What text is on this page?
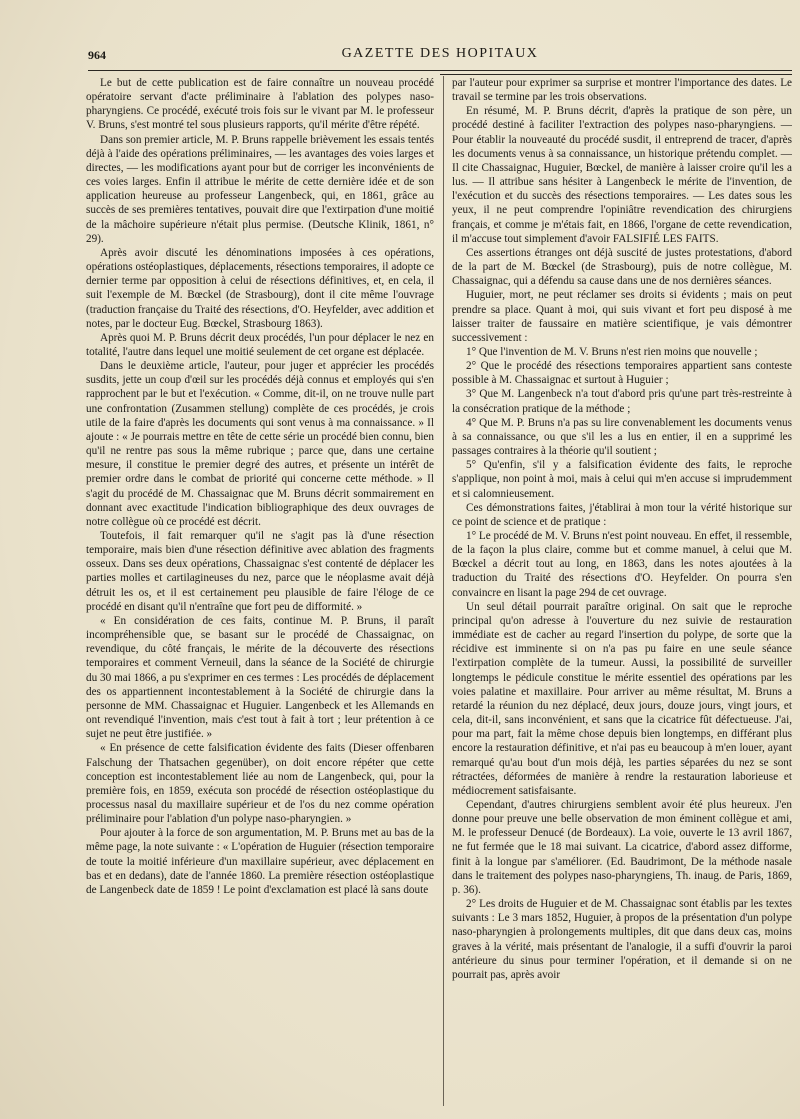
964	GAZETTE DES HOPITAUX

Le but de cette publication est de faire connaître un nouveau procédé opératoire servant d'acte préliminaire à l'ablation des polypes naso-pharyngiens. Ce procédé, exécuté trois fois sur le vivant par M. le professeur V. Bruns, s'est montré tel sous plusieurs rapports, qu'il mérite d'être répété.

Dans son premier article, M. P. Bruns rappelle brièvement les essais tentés déjà à l'aide des opérations préliminaires, — les avantages des voies larges et directes, — les modifications ayant pour but de corriger les inconvénients de ces voies larges. Enfin il attribue le mérite de cette dernière idée et de son application heureuse au professeur Langenbeck, qui, en 1861, grâce au succès de ses premières tentatives, pouvait dire que l'extirpation d'une moitié de la mâchoire supérieure n'était plus permise. (Deutsche Klinik, 1861, n° 29).

Après avoir discuté les dénominations imposées à ces opérations, opérations ostéoplastiques, déplacements, résections temporaires, il adopte ce dernier terme par opposition à celui de résections définitives, et, en cela, il suit l'exemple de M. Bœckel (de Strasbourg), dont il cite même l'ouvrage (traduction française du Traité des résections, d'O. Heyfelder, avec addition et notes, par le docteur Eug. Bœckel, Strasbourg 1863).

Après quoi M. P. Bruns décrit deux procédés, l'un pour déplacer le nez en totalité, l'autre dans lequel une moitié seulement de cet organe est déplacée.

Dans le deuxième article, l'auteur, pour juger et apprécier les procédés susdits, jette un coup d'œil sur les procédés déjà connus et employés qui s'en rapprochent par le but et l'exécution. « Comme, dit-il, on ne trouve nulle part une confrontation (Zusammen stellung) complète de ces procédés, je crois utile de la faire d'après les documents qui sont venus à ma connaissance. » Il ajoute : « Je pourrais mettre en tête de cette série un procédé bien connu, bien qu'il ne rentre pas sous la même rubrique ; parce que, dans une certaine mesure, il constitue le premier degré des autres, et présente un intérêt de premier ordre dans le combat de priorité qui concerne cette méthode. » Il s'agit du procédé de M. Chassaignac que M. Bruns décrit sommairement en donnant avec exactitude l'indication bibliographique des deux ouvrages de notre collègue où ce procédé est décrit.

Toutefois, il fait remarquer qu'il ne s'agit pas là d'une résection temporaire, mais bien d'une résection définitive avec ablation des fragments osseux. Dans ses deux opérations, Chassaignac s'est contenté de déplacer les parties molles et cartilagineuses du nez, parce que le néoplasme avait déjà détruit les os, et il est certainement peu plausible de faire l'éloge de ce procédé en disant qu'il n'entraîne que fort peu de difformité. »

« En considération de ces faits, continue M. P. Bruns, il paraît incompréhensible que, se basant sur le procédé de Chassaignac, on revendique, du côté français, le mérite de la découverte des résections temporaires et comment Verneuil, dans la séance de la Société de chirurgie du 30 mai 1866, a pu s'exprimer en ces termes : Les procédés de déplacement des os appartiennent incontestablement à la Société de chirurgie dans la personne de MM. Chassaignac et Huguier. Langenbeck et les Allemands en ont revendiqué l'invention, mais c'est tout à fait à tort ; leur prétention à ce sujet ne peut être justifiée. »

« En présence de cette falsification évidente des faits (Dieser offenbaren Falschung der Thatsachen gegenüber), on doit encore répéter que cette conception est incontestablement liée au nom de Langenbeck, qui, pour la première fois, en 1859, exécuta son procédé de résection ostéoplastique du processus nasal du maxillaire supérieur et de l'os du nez comme opération préliminaire pour l'ablation d'un polype naso-pharyngien. »

Pour ajouter à la force de son argumentation, M. P. Bruns met au bas de la même page, la note suivante : « L'opération de Huguier (résection temporaire de toute la moitié inférieure d'un maxillaire supérieur, avec déplacement en bas et en dedans), date de l'année 1860. La première résection ostéoplastique de Langenbeck date de 1859 ! Le point d'exclamation est placé là sans doute

par l'auteur pour exprimer sa surprise et montrer l'importance des dates. Le travail se termine par les trois observations.

En résumé, M. P. Bruns décrit, d'après la pratique de son père, un procédé destiné à faciliter l'extraction des polypes naso-pharyngiens. — Pour établir la nouveauté du procédé susdit, il entreprend de tracer, d'après les documents venus à sa connaissance, un historique prétendu complet. — Il cite Chassaignac, Huguier, Bœckel, de manière à laisser croire qu'il les a lus. — Il attribue sans hésiter à Langenbeck le mérite de l'invention, de l'exécution et du succès des résections temporaires. — Les dates sous les yeux, il ne peut comprendre l'opiniâtre revendication des chirurgiens français, et comme je m'étais fait, en 1866, l'organe de cette revendication, il m'accuse tout simplement d'avoir FALSIFIÉ LES FAITS.

Ces assertions étranges ont déjà suscité de justes protestations, d'abord de la part de M. Bœckel (de Strasbourg), puis de notre collègue, M. Chassaignac, qui a défendu sa cause dans une de nos dernières séances.

Huguier, mort, ne peut réclamer ses droits si évidents ; mais on peut prendre sa place. Quant à moi, qui suis vivant et fort peu disposé à me laisser traiter de faussaire en matière scientifique, je vais démontrer successivement :

1° Que l'invention de M. V. Bruns n'est rien moins que nouvelle ;

2° Que le procédé des résections temporaires appartient sans conteste possible à M. Chassaignac et surtout à Huguier ;

3° Que M. Langenbeck n'a tout d'abord pris qu'une part très-restreinte à la consécration pratique de la méthode ;

4° Que M. P. Bruns n'a pas su lire convenablement les documents venus à sa connaissance, ou que s'il les a lus en entier, il en a supprimé les passages contraires à la théorie qu'il soutient ;

5° Qu'enfin, s'il y a falsification évidente des faits, le reproche s'applique, non point à moi, mais à celui qui m'en accuse si imprudemment et si calomnieusement.

Ces démonstrations faites, j'établirai à mon tour la vérité historique sur ce point de science et de pratique :

1° Le procédé de M. V. Bruns n'est point nouveau. En effet, il ressemble, de la façon la plus claire, comme but et comme manuel, à celui que M. Bœckel a décrit tout au long, en 1863, dans les notes ajoutées à la traduction du Traité des résections d'O. Heyfelder. On pourra s'en convaincre en lisant la page 294 de cet ouvrage.

Un seul détail pourrait paraître original. On sait que le reproche principal qu'on adresse à l'ouverture du nez suivie de restauration immédiate est de cacher au regard l'insertion du polype, de sorte que la récidive est imminente si on n'a pas pu faire en une seule séance l'extirpation complète de la tumeur. Aussi, la possibilité de surveiller longtemps le pédicule constitue le mérite essentiel des opérations par les voies palatine et maxillaire. Pour arriver au même résultat, M. Bruns a retardé la réunion du nez déplacé, deux jours, douze jours, vingt jours, et cela, dit-il, sans inconvénient, et sans que la cicatrice fût défectueuse. J'ai, pour ma part, fait la même chose depuis bien longtemps, en différant plus encore la restauration définitive, et n'ai pas eu beaucoup à m'en louer, ayant remarqué qu'au bout d'un mois déjà, les parties séparées du nez se sont rétractées, déformées de manière à rendre la restauration laborieuse et médiocrement satisfaisante.

Cependant, d'autres chirurgiens semblent avoir été plus heureux. J'en donne pour preuve une belle observation de mon éminent collègue et ami, M. le professeur Denucé (de Bordeaux). La voie, ouverte le 13 avril 1867, ne fut fermée que le 18 mai suivant. La cicatrice, d'abord assez difforme, finit à la longue par s'améliorer. (Ed. Baudrimont, De la méthode nasale dans le traitement des polypes naso-pharyngiens, Th. inaug. de Paris, 1869, p. 36).

2° Les droits de Huguier et de M. Chassaignac sont établis par les textes suivants : Le 3 mars 1852, Huguier, à propos de la présentation d'un polype naso-pharyngien à prolongements multiples, dit que dans deux cas, moins graves à la vérité, mais présentant de l'analogie, il a suffi d'ouvrir la paroi antérieure du sinus pour terminer l'opération, et il demande si on ne pourrait pas, après avoir
